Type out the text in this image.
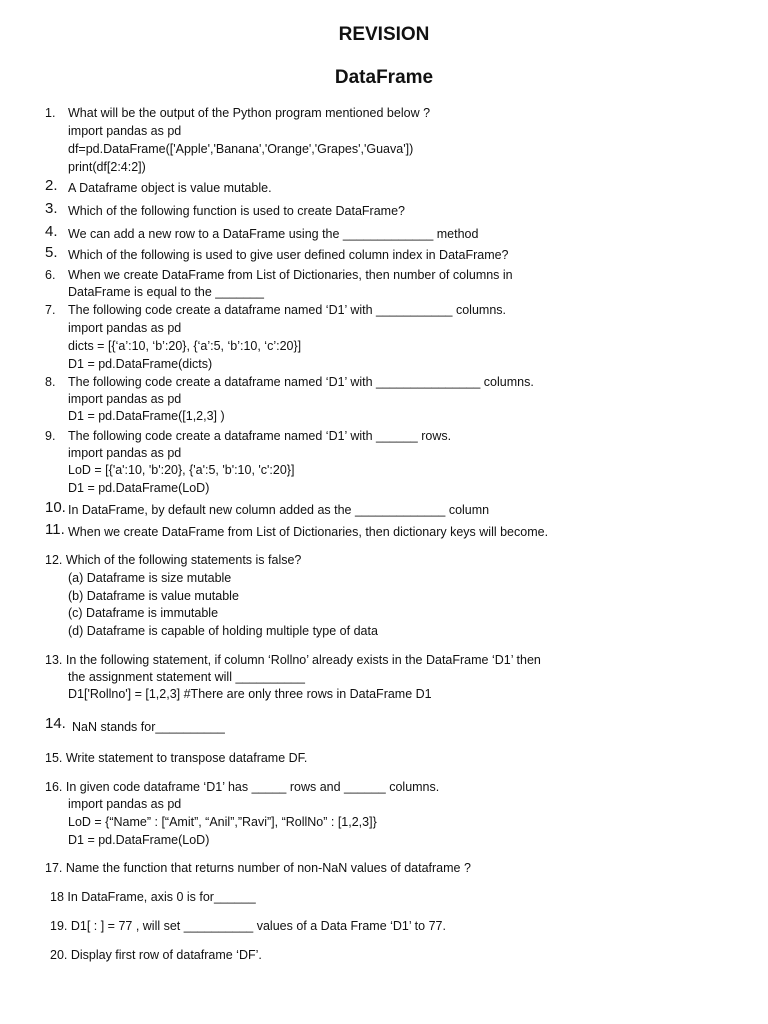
REVISION
DataFrame
1. What will be the output of the Python program mentioned below ?
import pandas as pd
df=pd.DataFrame(['Apple','Banana','Orange','Grapes','Guava'])
print(df[2:4:2])
2. A Dataframe object is value mutable.
3. Which of the following function is used to create DataFrame?
4. We can add a new row to a DataFrame using the _____________ method
5. Which of the following is used to give user defined column index in DataFrame?
6. When we create DataFrame from List of Dictionaries, then number of columns in
DataFrame is equal to the _______
7. The following code create a dataframe named ‘D1’ with ___________ columns.
import pandas as pd
dicts = [{‘a’:10, ‘b’:20}, {‘a’:5, ‘b’:10, ‘c’:20}]
D1 = pd.DataFrame(dicts)
8. The following code create a dataframe named ‘D1’ with _______________ columns.
import pandas as pd
D1 = pd.DataFrame([1,2,3] )
9. The following code create a dataframe named ‘D1’ with ______ rows.
import pandas as pd
LoD = [{'a':10, 'b':20}, {'a':5, 'b':10, 'c':20}]
D1 = pd.DataFrame(LoD)
10. In DataFrame, by default new column added as the _____________ column
11. When we create DataFrame from List of Dictionaries, then dictionary keys will become.
12. Which of the following statements is false?
(a) Dataframe is size mutable
(b) Dataframe is value mutable
(c) Dataframe is immutable
(d) Dataframe is capable of holding multiple type of data
13. In the following statement, if column ‘Rollno’ already exists in the DataFrame ‘D1’ then
the assignment statement will __________
D1['Rollno'] = [1,2,3] #There are only three rows in DataFrame D1
14. NaN stands for__________
15. Write statement to transpose dataframe DF.
16. In given code dataframe ‘D1’ has _____ rows and ______ columns.
import pandas as pd
LoD = {“Name” : [“Amit”, “Anil”,”Ravi”], “RollNo” : [1,2,3]}
D1 = pd.DataFrame(LoD)
17. Name the function that returns number of non-NaN values of dataframe ?
18 In DataFrame, axis 0 is for______
19. D1[ : ] = 77 , will set __________ values of a Data Frame ‘D1’ to 77.
20. Display first row of dataframe ‘DF’.
